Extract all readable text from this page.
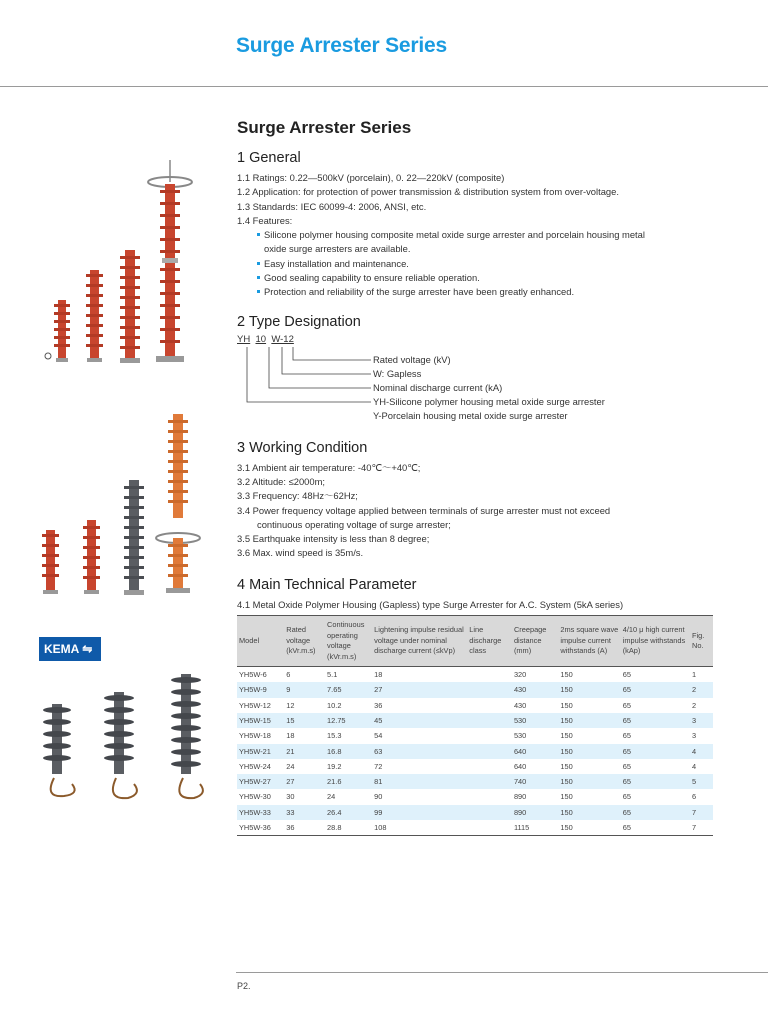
Surge Arrester Series
KEMA ⇋
Surge Arrester Series
1 General
1.1 Ratings: 0.22—500kV (porcelain), 0. 22—220kV (composite)
1.2 Application: for protection of power transmission & distribution system from over-voltage.
1.3 Standards: IEC 60099-4: 2006, ANSI, etc.
1.4 Features:
Silicone polymer housing composite metal oxide surge arrester and porcelain housing metal
oxide surge arresters are available.
Easy installation and maintenance.
Good sealing capability to ensure reliable operation.
Protection and reliability of the surge arrester have been greatly enhanced.
2 Type Designation
YH 10 W-12
Rated voltage (kV)
W: Gapless
Nominal discharge current (kA)
YH-Silicone polymer housing metal oxide surge arrester
Y-Porcelain housing metal oxide surge arrester
3 Working Condition
3.1 Ambient air temperature: -40℃～+40℃;
3.2 Altitude: ≤2000m;
3.3 Frequency: 48Hz～62Hz;
3.4 Power frequency voltage applied between terminals of surge arrester must not exceed
continuous operating voltage of surge arrester;
3.5 Earthquake intensity is less than 8 degree;
3.6 Max. wind speed is 35m/s.
4 Main Technical Parameter
4.1 Metal Oxide Polymer Housing (Gapless) type Surge Arrester for A.C. System (5kA series)
Model	Rated voltage (kVr.m.s)	Continuous operating voltage (kVr.m.s)	Lightening impulse residual voltage under nominal discharge current (≤kVp)	Line discharge class	Creepage distance (mm)	2ms square wave impulse current withstands (A)	4/10 μ high current impulse withstands (kAp)	Fig. No.
YH5W-6	6	5.1	18		320	150	65	1
YH5W-9	9	7.65	27		430	150	65	2
YH5W-12	12	10.2	36		430	150	65	2
YH5W-15	15	12.75	45		530	150	65	3
YH5W-18	18	15.3	54		530	150	65	3
YH5W-21	21	16.8	63		640	150	65	4
YH5W-24	24	19.2	72		640	150	65	4
YH5W-27	27	21.6	81		740	150	65	5
YH5W-30	30	24	90		890	150	65	6
YH5W-33	33	26.4	99		890	150	65	7
YH5W-36	36	28.8	108		1115	150	65	7
P2.
